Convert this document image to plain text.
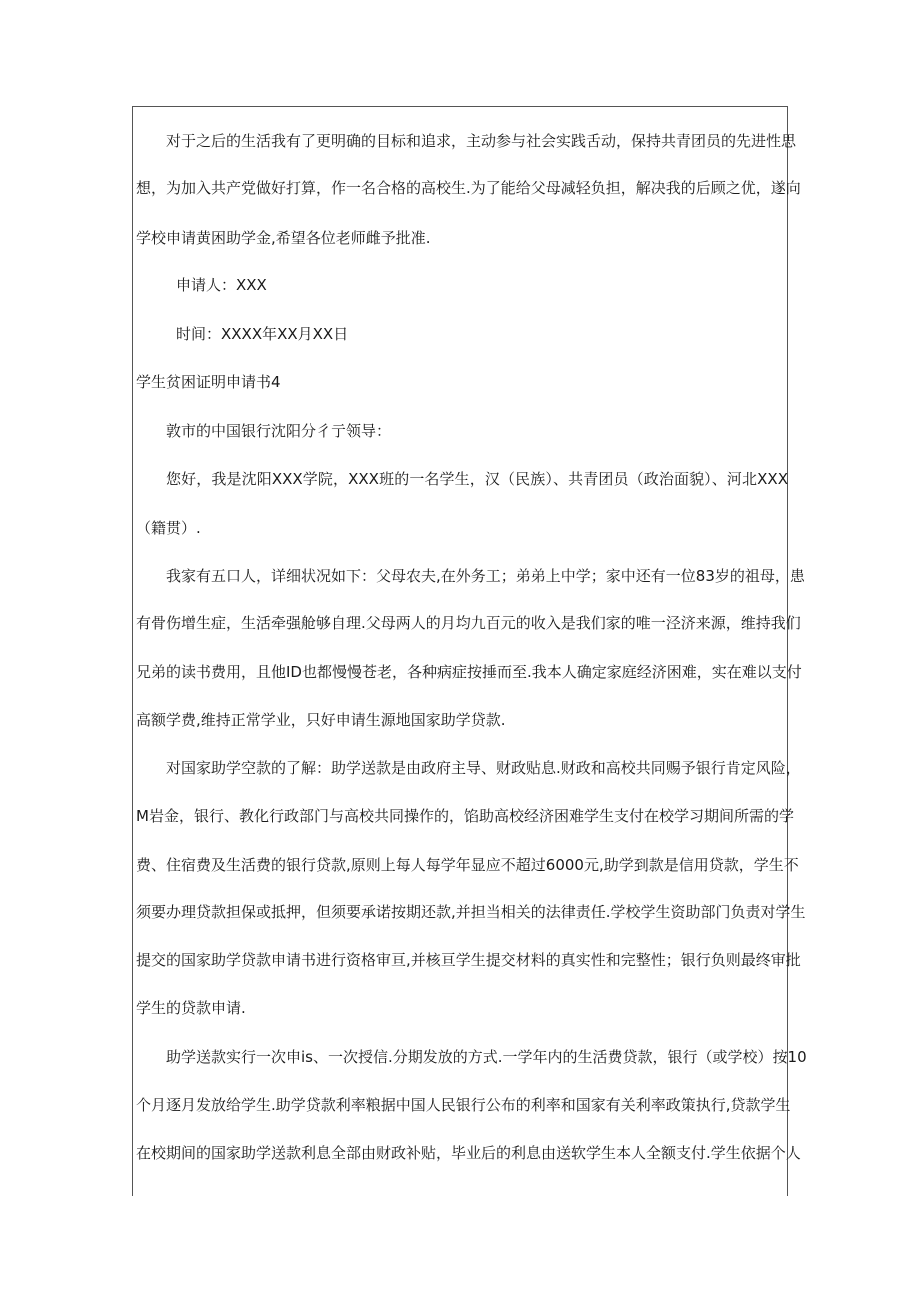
对于之后的生活我有了更明确的目标和追求，主动参与社会实践舌动，保持共青团员的先进性思
想，为加入共产党做好打算，作一名合格的高校生.为了能给父母减轻负担，解决我的后顾之优，遂向
学校申请黄困助学金,希望各位老师雌予批准.
申请人：XXX
时间：XXXX年XX月XX日
学生贫困证明申请书4
敦市的中国银行沈阳分彳亍领导：
您好，我是沈阳XXX学院，XXX班的一名学生，汉（民族）、共青团员（政治面貌）、河北XXX
（籍贯）.
我家有五口人，详细状况如下：父母农夫,在外务工；弟弟上中学；家中还有一位83岁的祖母，患
有骨伤增生症，生活牵强舱够自理.父母两人的月均九百元的收入是我们家的唯一泾济来源，维持我们
兄弟的读书费用，且他ID也都慢慢苍老，各种病症按捶而至.我本人确定家庭经济困难，实在难以支付
高额学费,维持正常学业，只好申请生源地国家助学贷款.
对国家助学空款的了解：助学送款是由政府主导、财政贴息.财政和高校共同赐予银行肯定风险，
M岩金，银行、教化行政部门与高校共同操作的，馅助高校经济困难学生支付在校学习期间所需的学
费、住宿费及生活费的银行贷款,原则上每人每学年显应不超过6000元,助学到款是信用贷款，学生不
须要办理贷款担保或抵押，但须要承诺按期还款,并担当相关的法律责任.学校学生资助部门负责对学生
提交的国家助学贷款申请书进行资格审亘,并核亘学生提交材料的真实性和完整性；银行负则最终审批
学生的贷款申请.
助学送款实行一次申is、一次授信.分期发放的方式.一学年内的生活费贷款，银行（或学校）按10
个月逐月发放给学生.助学贷款利率粮据中国人民银行公布的利率和国家有关利率政策执行,贷款学生
在校期间的国家助学送款利息全部由财政补贴，毕业后的利息由送软学生本人全额支付.学生依据个人
